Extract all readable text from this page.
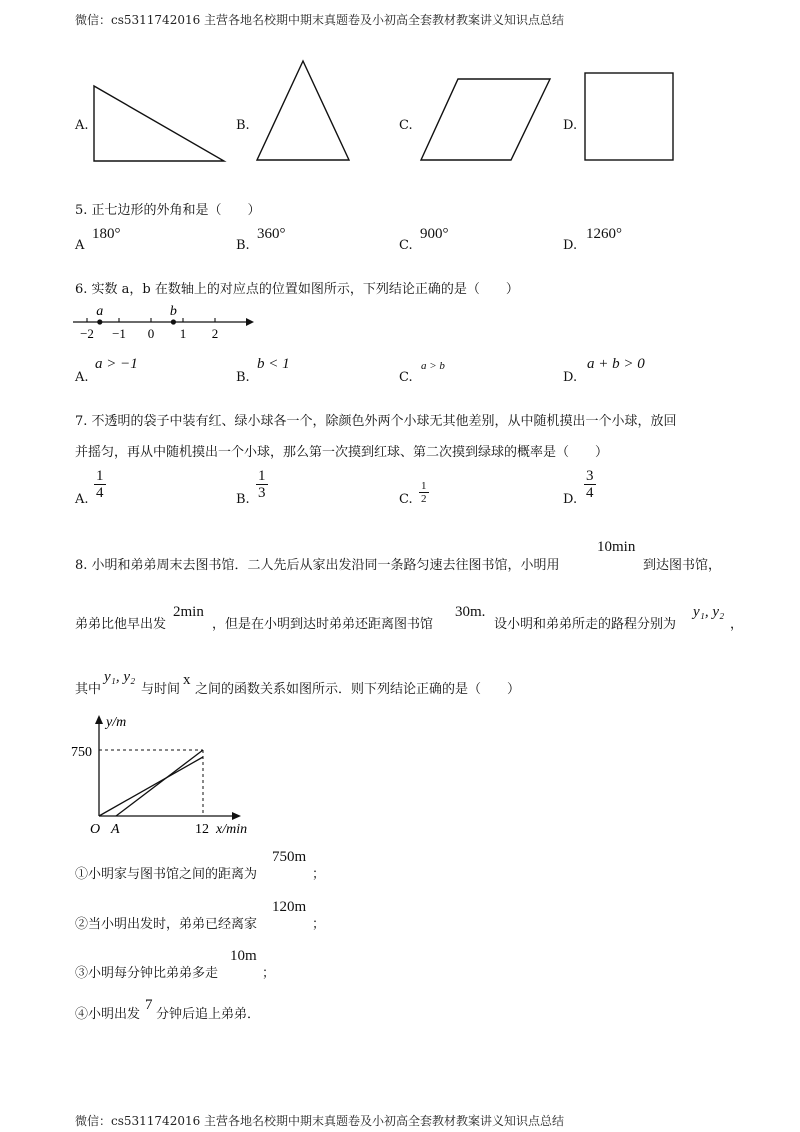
微信：cs5311742016 主营各地名校期中期末真题卷及小初高全套教材教案讲义知识点总结
A.	B.	C.	D.
5. 正七边形的外角和是（　　）
A
180°
B.
360°
C.
900°
D.
1260°
6. 实数 a，b 在数轴上的对应点的位置如图所示，下列结论正确的是（　　）
a	b
−2 −1 0 1 2
A.
a > −1
B.
b < 1
C.
a > b
D.
a + b > 0
7. 不透明的袋子中装有红、绿小球各一个，除颜色外两个小球无其他差别，从中随机摸出一个小球，放回
并摇匀，再从中随机摸出一个小球，那么第一次摸到红球、第二次摸到绿球的概率是（　　）
A. $\frac{1}{4}$	B. $\frac{1}{3}$	C. $\frac{1}{2}$	D. $\frac{3}{4}$
8. 小明和弟弟周末去图书馆．二人先后从家出发沿同一条路匀速去往图书馆，小明用
10min
到达图书馆，
弟弟比他早出发
2min
，但是在小明到达时弟弟还距离图书馆
30m.
设小明和弟弟所走的路程分别为
y₁, y₂
，
其中
y₁, y₂
与时间
x
之间的函数关系如图所示．则下列结论正确的是（　　）
y/m
750
O A	12 x/min
①小明家与图书馆之间的距离为
750m
；
②当小明出发时，弟弟已经离家
120m
；
③小明每分钟比弟弟多走
10m
；
④小明出发
7
分钟后追上弟弟．
微信：cs5311742016 主营各地名校期中期末真题卷及小初高全套教材教案讲义知识点总结
